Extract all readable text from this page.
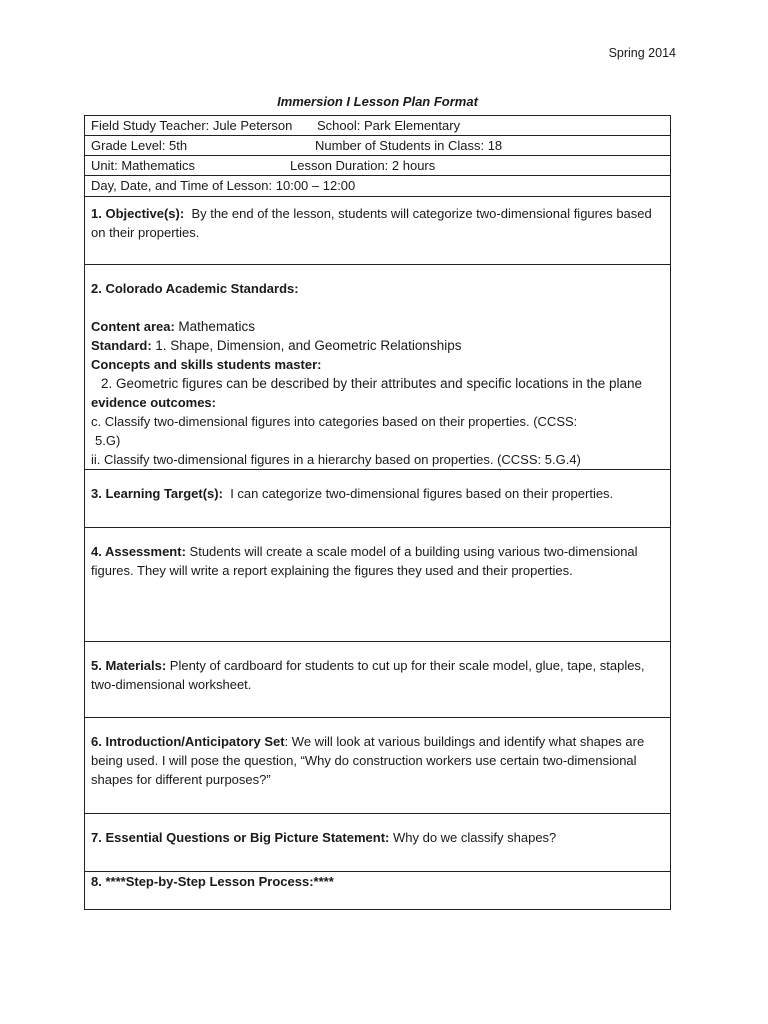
Spring 2014
Immersion I Lesson Plan Format
Field Study Teacher: Jule Peterson School: Park Elementary
Grade Level: 5th	Number of Students in Class: 18
Unit: Mathematics	Lesson Duration: 2 hours
Day, Date, and Time of Lesson: 10:00 – 12:00
1. Objective(s): By the end of the lesson, students will categorize two-dimensional figures based on their properties.

2. Colorado Academic Standards:
Content area: Mathematics
Standard: 1. Shape, Dimension, and Geometric Relationships
Concepts and skills students master:
2. Geometric figures can be described by their attributes and specific locations in the plane
evidence outcomes:
c. Classify two-dimensional figures into categories based on their properties. (CCSS:
5.G)
ii. Classify two-dimensional figures in a hierarchy based on properties. (CCSS: 5.G.4)

3. Learning Target(s): I can categorize two-dimensional figures based on their properties.
4. Assessment: Students will create a scale model of a building using various two-dimensional figures. They will write a report explaining the figures they used and their properties.
5. Materials: Plenty of cardboard for students to cut up for their scale model, glue, tape, staples, two-dimensional worksheet.
6. Introduction/Anticipatory Set: We will look at various buildings and identify what shapes are being used. I will pose the question, “Why do construction workers use certain two-dimensional shapes for different purposes?”
7. Essential Questions or Big Picture Statement: Why do we classify shapes?
8. ****Step-by-Step Lesson Process:****
